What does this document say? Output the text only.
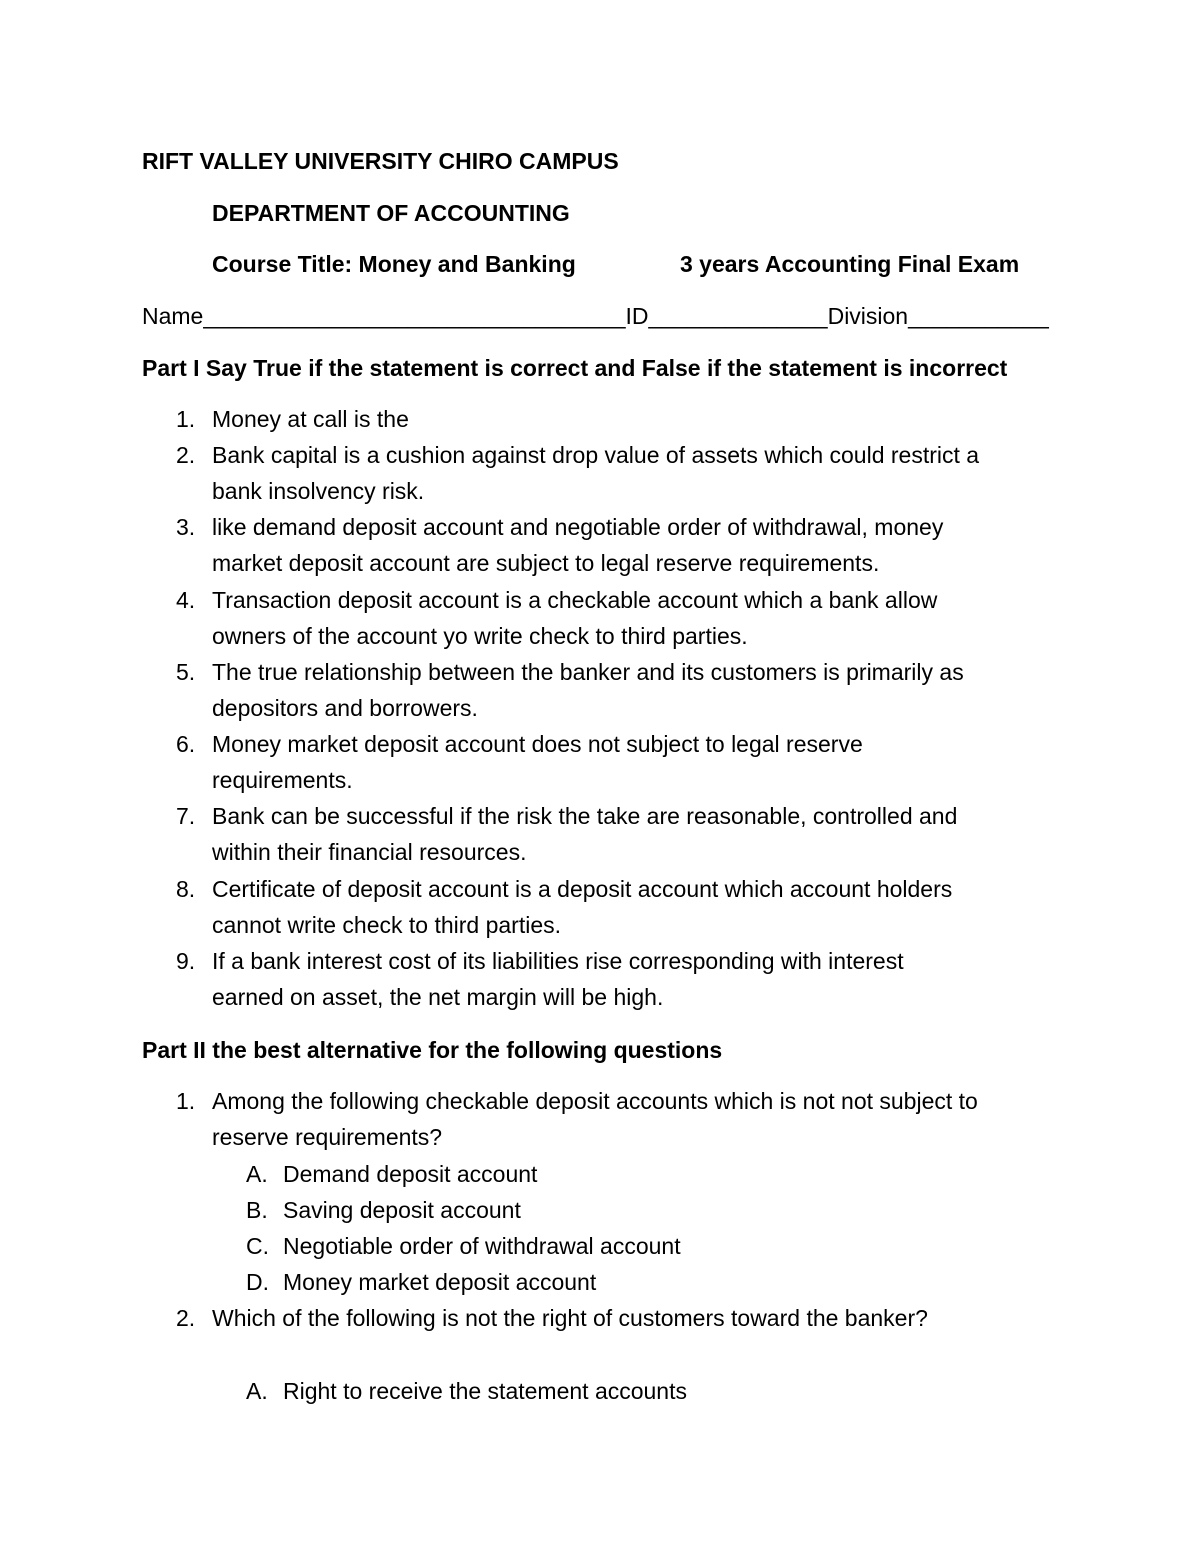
RIFT VALLEY UNIVERSITY CHIRO CAMPUS
DEPARTMENT OF ACCOUNTING
Course Title: Money and Banking	3 years Accounting Final Exam
Name_________________________________ID______________Division___________
Part I Say True if the statement is correct and False if the statement is incorrect
1. Money at call is the
2. Bank capital is a cushion against drop value of assets which could restrict a
bank insolvency risk.
3. like demand deposit account and negotiable order of withdrawal, money
market deposit account are subject to legal reserve requirements.
4. Transaction deposit account is a checkable account which a bank allow
owners of the account yo write check to third parties.
5. The true relationship between the banker and its customers is primarily as
depositors and borrowers.
6. Money market deposit account does not subject to legal reserve
requirements.
7. Bank can be successful if the risk the take are reasonable, controlled and
within their financial resources.
8. Certificate of deposit account is a deposit account which account holders
cannot write check to third parties.
9. If a bank interest cost of its liabilities rise corresponding with interest
earned on asset, the net margin will be high.
Part II the best alternative for the following questions
1. Among the following checkable deposit accounts which is not not subject to
reserve requirements?
A. Demand deposit account
B. Saving deposit account
C. Negotiable order of withdrawal account
D. Money market deposit account
2. Which of the following is not the right of customers toward the banker?
A. Right to receive the statement accounts
